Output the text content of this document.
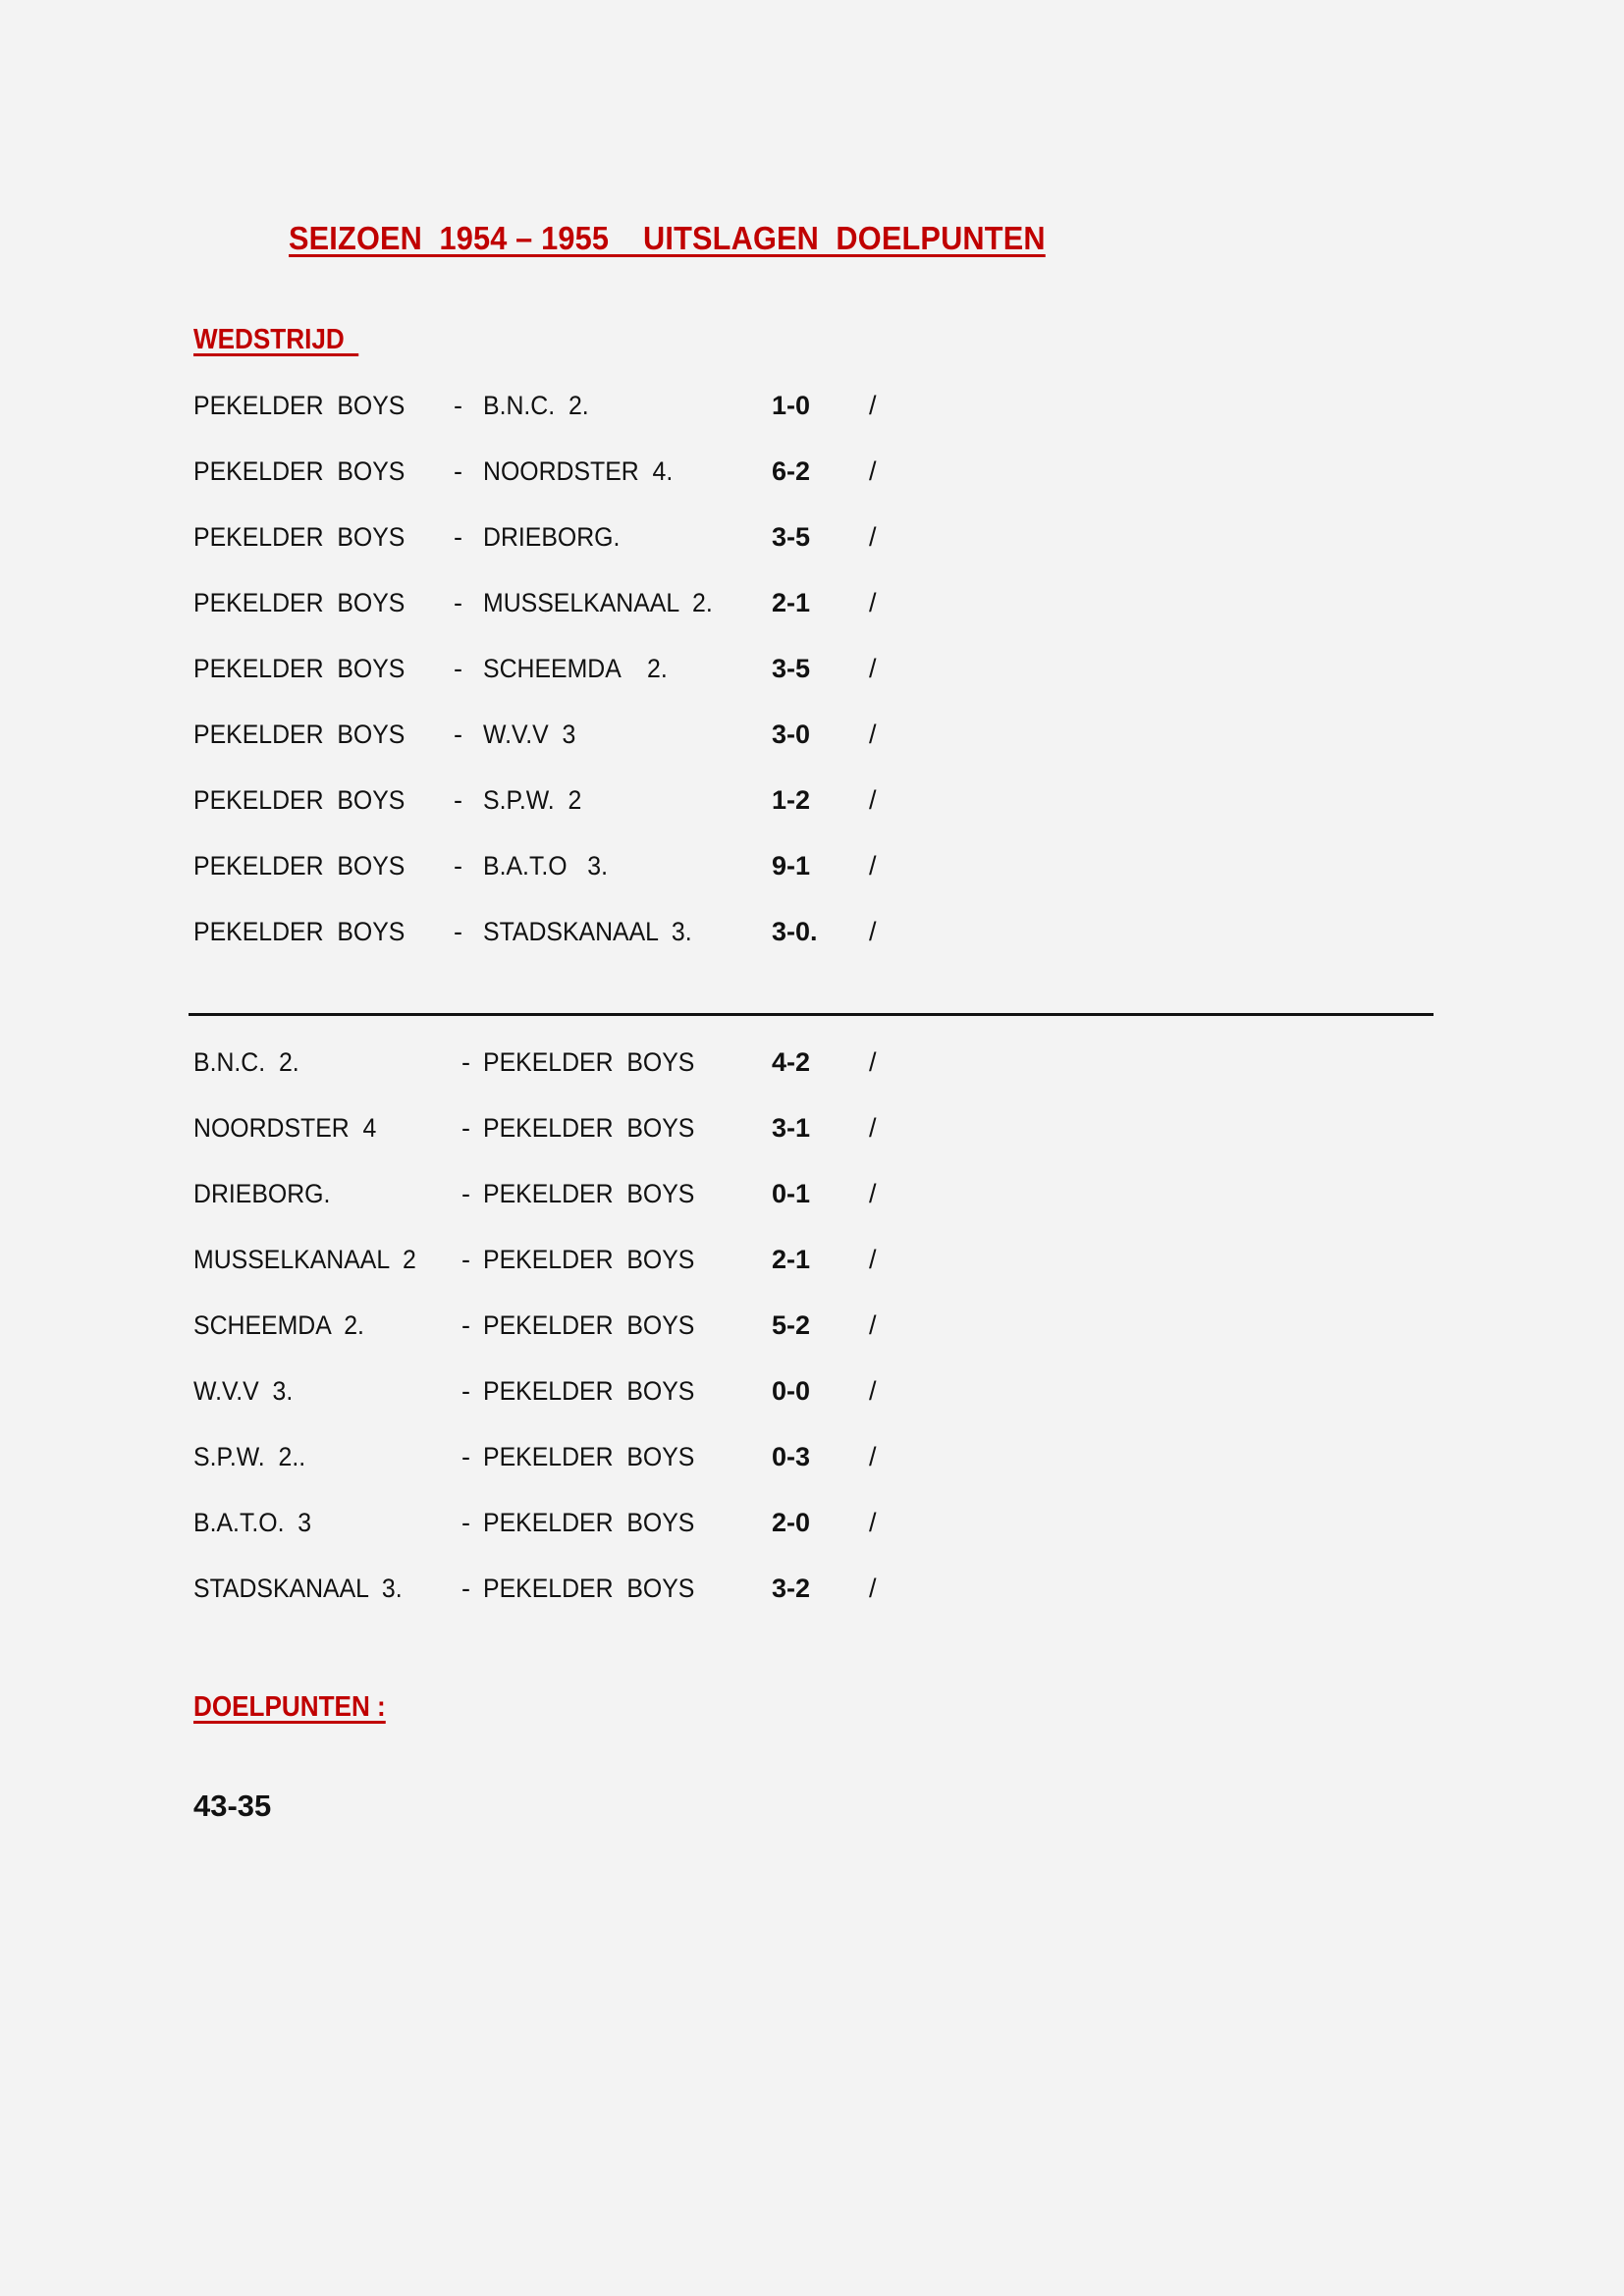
SEIZOEN  1954 – 1955    UITSLAGEN  DOELPUNTEN
WEDSTRIJD
PEKELDER  BOYS - B.N.C.  2.	1-0 /
PEKELDER  BOYS - NOORDSTER  4.	6-2 /
PEKELDER  BOYS - DRIEBORG.	3-5 /
PEKELDER  BOYS - MUSSELKANAAL  2. 2-1 /
PEKELDER  BOYS - SCHEEMDA    2.	3-5 /
PEKELDER  BOYS - W.V.V  3	3-0 /
PEKELDER  BOYS - S.P.W.  2	1-2 /
PEKELDER  BOYS - B.A.T.O   3.	9-1 /
PEKELDER  BOYS - STADSKANAAL  3.	3-0. /
B.N.C.  2.	- PEKELDER  BOYS	4-2 /
NOORDSTER  4	- PEKELDER  BOYS	3-1 /
DRIEBORG.	- PEKELDER  BOYS	0-1 /
MUSSELKANAAL  2 - PEKELDER  BOYS	2-1 /
SCHEEMDA  2.	- PEKELDER  BOYS	5-2 /
W.V.V  3.	- PEKELDER  BOYS	0-0 /
S.P.W.  2..	- PEKELDER  BOYS	0-3 /
B.A.T.O.  3	- PEKELDER  BOYS	2-0 /
STADSKANAAL  3. - PEKELDER  BOYS	3-2 /
DOELPUNTEN :
43-35
